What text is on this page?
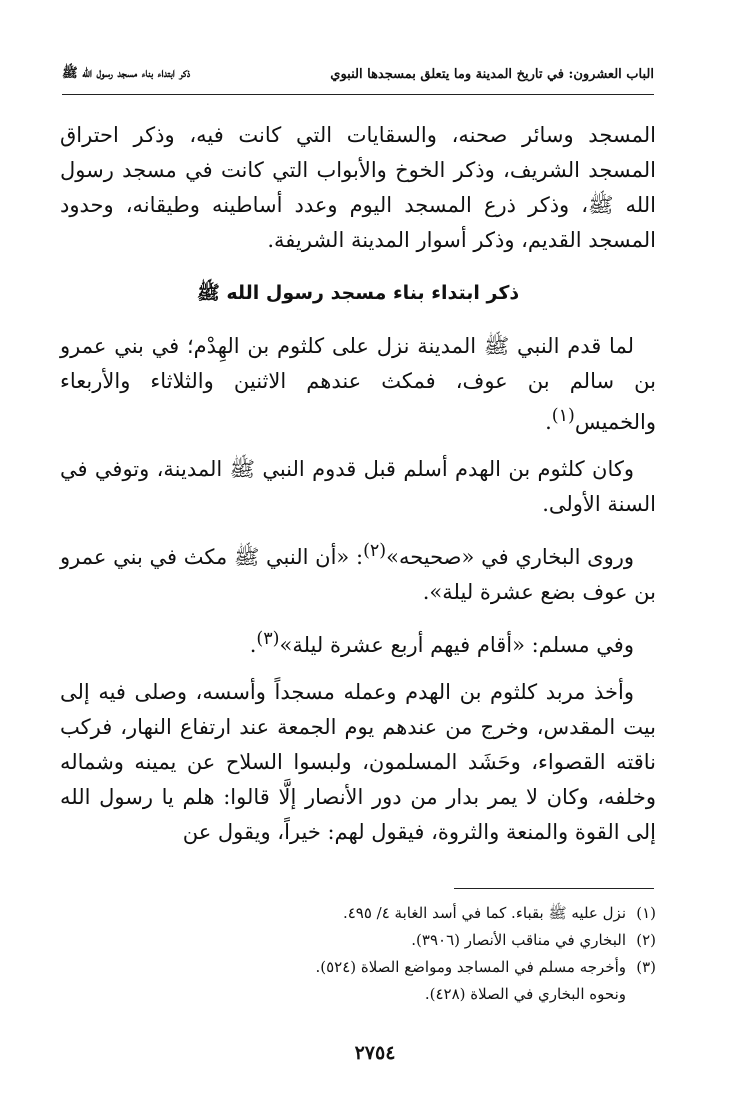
الباب العشرون: في تاريخ المدينة وما يتعلق بمسجدها النبوي
ذكر ابتداء بناء مسجد رسول الله ﷺ

المسجد وسائر صحنه، والسقايات التي كانت فيه، وذكر احتراق المسجد الشريف، وذكر الخوخ والأبواب التي كانت في مسجد رسول الله ﷺ، وذكر ذرع المسجد اليوم وعدد أساطينه وطيقانه، وحدود المسجد القديم، وذكر أسوار المدينة الشريفة.

ذكر ابتداء بناء مسجد رسول الله ﷺ

لما قدم النبي ﷺ المدينة نزل على كلثوم بن الهِدْم؛ في بني عمرو بن سالم بن عوف، فمكث عندهم الاثنين والثلاثاء والأربعاء والخميس$^{(١)}$.

وكان كلثوم بن الهدم أسلم قبل قدوم النبي ﷺ المدينة، وتوفي في السنة الأولى.

وروى البخاري في «صحيحه»$^{(٢)}$: «أن النبي ﷺ مكث في بني عمرو بن عوف بضع عشرة ليلة».

وفي مسلم: «أقام فيهم أربع عشرة ليلة»$^{(٣)}$.

وأخذ مربد كلثوم بن الهدم وعمله مسجداً وأسسه، وصلى فيه إلى بيت المقدس، وخرج من عندهم يوم الجمعة عند ارتفاع النهار، فركب ناقته القصواء، وحَشَد المسلمون، ولبسوا السلاح عن يمينه وشماله وخلفه، وكان لا يمر بدار من دور الأنصار إلَّا قالوا: هلم يا رسول الله إلى القوة والمنعة والثروة، فيقول لهم: خيراً، ويقول عن

(١)
نزل عليه ﷺ بقباء. كما في أسد الغابة ٤/ ٤٩٥.
(٢)
البخاري في مناقب الأنصار (٣٩٠٦).
(٣)
وأخرجه مسلم في المساجد ومواضع الصلاة (٥٢٤).
ونحوه البخاري في الصلاة (٤٢٨).
٢٧٥٤
